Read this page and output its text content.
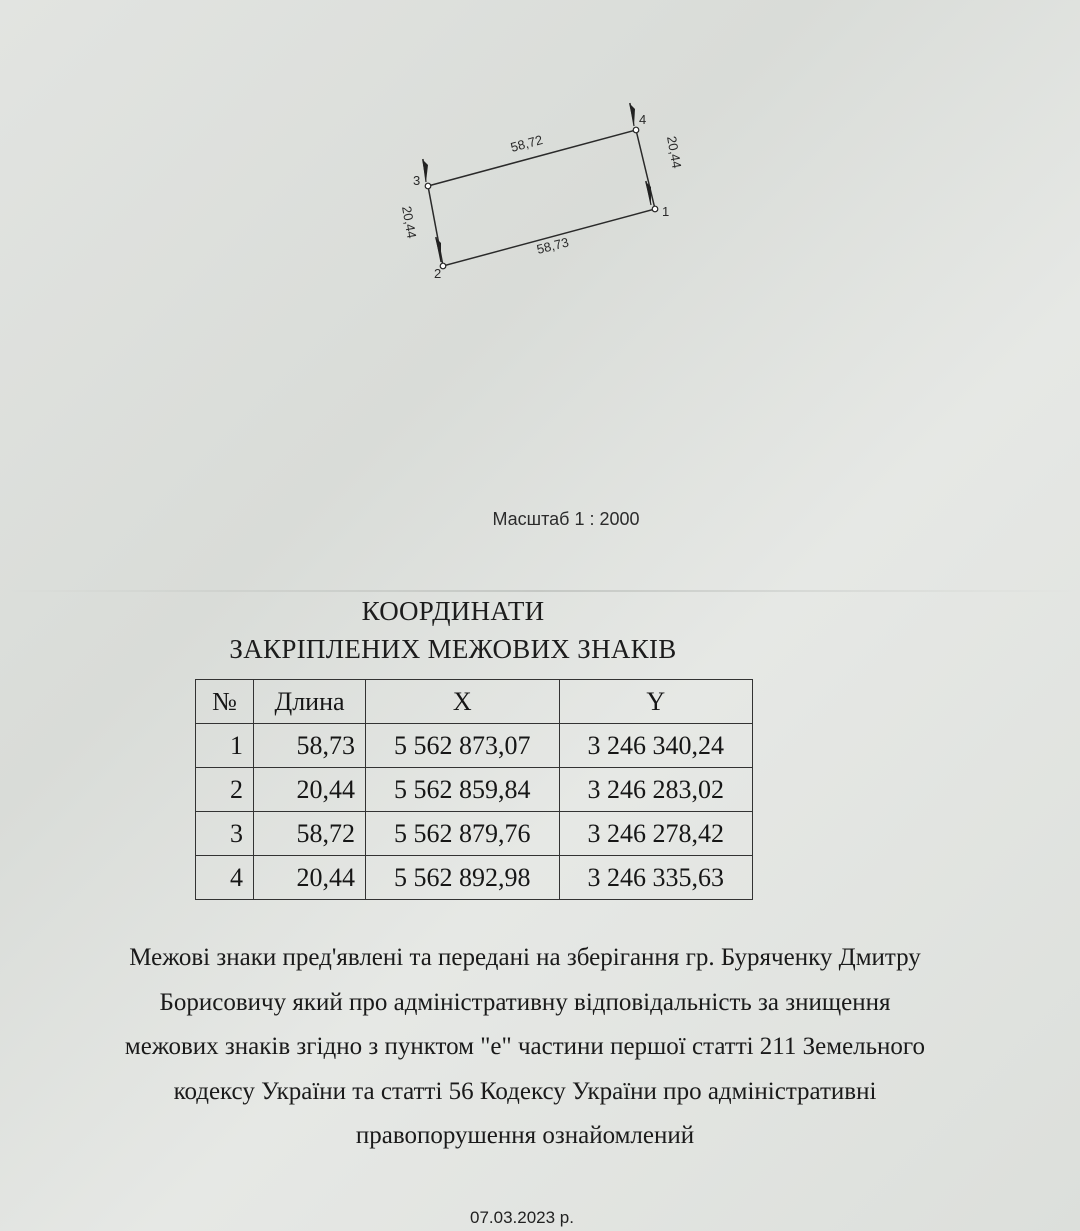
1
2
3
4
58,72
58,73
20,44
20,44
Масштаб 1 : 2000
КООРДИНАТИ
ЗАКРІПЛЕНИХ МЕЖОВИХ ЗНАКІВ
№	Длина	X	Y
1	58,73	5 562 873,07	3 246 340,24
2	20,44	5 562 859,84	3 246 283,02
3	58,72	5 562 879,76	3 246 278,42
4	20,44	5 562 892,98	3 246 335,63
Межові знаки пред'явлені та передані на зберігання гр. Буряченку Дмитру
Борисовичу який про адміністративну відповідальність за знищення
межових знаків згідно з пунктом "е" частини першої статті 211 Земельного
кодексу України та статті 56 Кодексу України про адміністративні
правопорушення ознайомлений
07.03.2023 р.
